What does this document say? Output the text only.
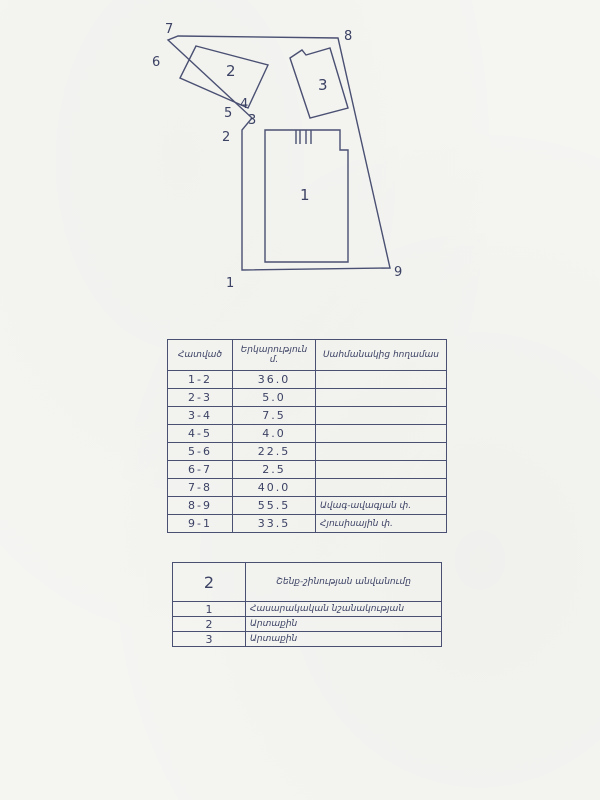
1
2
3
4
5
6
7	8
9
1
2
3
Հատված	Երկարություն մ.	Սահմանակից հողամաս
1-2	36.0	
2-3	5.0	
3-4	7.5	
4-5	4.0	
5-6	22.5	
6-7	2.5	
7-8	40.0	
8-9	55.5	Ավագ-ավագյան փ.
9-1	33.5	Հյուսիսային փ.
2	Շենք-շինության անվանումը
1	Հասարակական նշանակության
2	Արտաքին
3	Արտաքին
